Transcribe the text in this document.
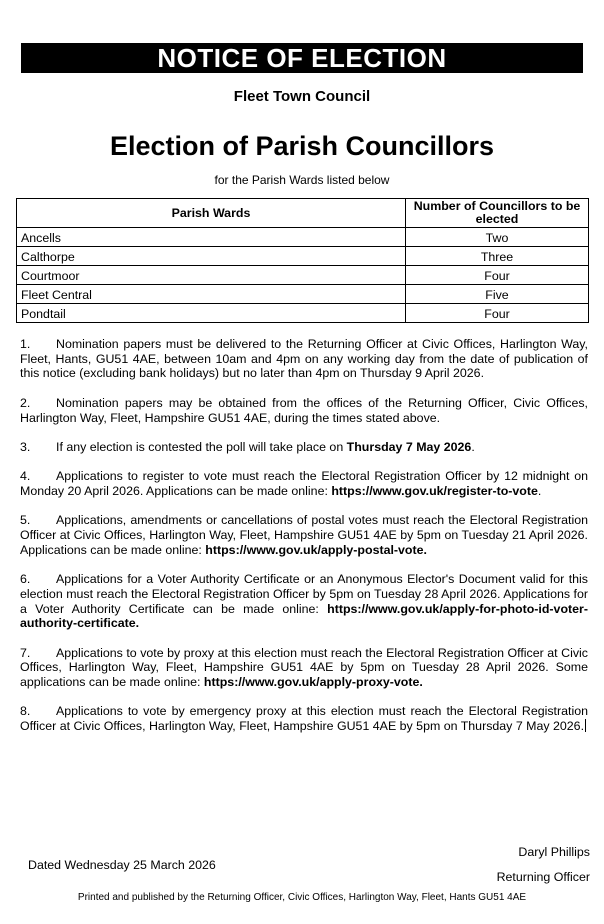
NOTICE OF ELECTION
Fleet Town Council
Election of Parish Councillors
for the Parish Wards listed below
Parish Wards	Number of Councillors to be elected
Ancells	Two
Calthorpe	Three
Courtmoor	Four
Fleet Central	Five
Pondtail	Four

1. Nomination papers must be delivered to the Returning Officer at Civic Offices, Harlington Way, Fleet, Hants, GU51 4AE, between 10am and 4pm on any working day from the date of publication of this notice (excluding bank holidays) but no later than 4pm on Thursday 9 April 2026.

2. Nomination papers may be obtained from the offices of the Returning Officer, Civic Offices, Harlington Way, Fleet, Hampshire GU51 4AE, during the times stated above.

3. If any election is contested the poll will take place on Thursday 7 May 2026.

4. Applications to register to vote must reach the Electoral Registration Officer by 12 midnight on Monday 20 April 2026. Applications can be made online: https://www.gov.uk/register-to-vote.

5. Applications, amendments or cancellations of postal votes must reach the Electoral Registration Officer at Civic Offices, Harlington Way, Fleet, Hampshire GU51 4AE by 5pm on Tuesday 21 April 2026. Applications can be made online: https://www.gov.uk/apply-postal-vote.

6. Applications for a Voter Authority Certificate or an Anonymous Elector's Document valid for this election must reach the Electoral Registration Officer by 5pm on Tuesday 28 April 2026. Applications for a Voter Authority Certificate can be made online: https://www.gov.uk/apply-for-photo-id-voter-authority-certificate.

7. Applications to vote by proxy at this election must reach the Electoral Registration Officer at Civic Offices, Harlington Way, Fleet, Hampshire GU51 4AE by 5pm on Tuesday 28 April 2026. Some applications can be made online: https://www.gov.uk/apply-proxy-vote.

8. Applications to vote by emergency proxy at this election must reach the Electoral Registration Officer at Civic Offices, Harlington Way, Fleet, Hampshire GU51 4AE by 5pm on Thursday 7 May 2026.

Dated Wednesday 25 March 2026
Daryl Phillips
Returning Officer
Printed and published by the Returning Officer, Civic Offices, Harlington Way, Fleet, Hants GU51 4AE
